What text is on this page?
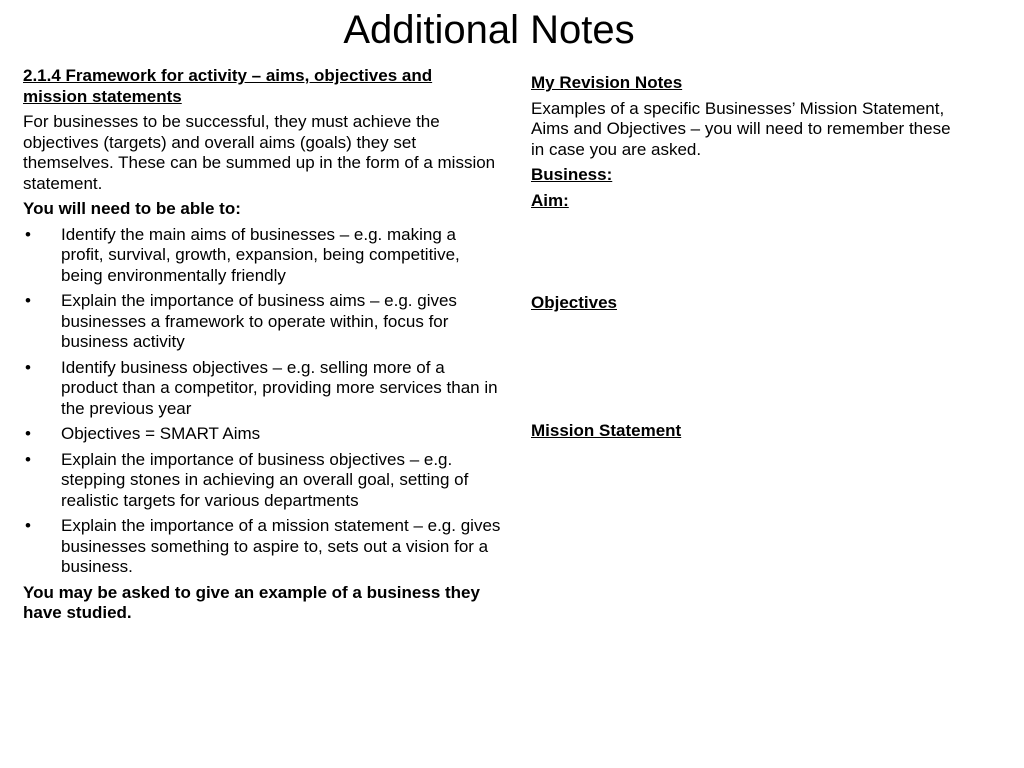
Additional Notes

2.1.4 Framework for activity – aims, objectives and mission statements

For businesses to be successful, they must achieve the objectives (targets) and overall aims (goals) they set themselves. These can be summed up in the form of a mission statement.

You will need to be able to:

• Identify the main aims of businesses – e.g. making a profit, survival, growth, expansion, being competitive, being environmentally friendly
• Explain the importance of business aims – e.g. gives businesses a framework to operate within, focus for business activity
• Identify business objectives – e.g. selling more of a product than a competitor, providing more services than in the previous year
• Objectives = SMART Aims
• Explain the importance of business objectives – e.g. stepping stones in achieving an overall goal, setting of realistic targets for various departments
• Explain the importance of a mission statement – e.g. gives businesses something to aspire to, sets out a vision for a business.

You may be asked to give an example of a business they have studied.

My Revision Notes

Examples of a specific Businesses’ Mission Statement, Aims and Objectives – you will need to remember these in case you are asked.

Business:

Aim:

Objectives

Mission Statement
